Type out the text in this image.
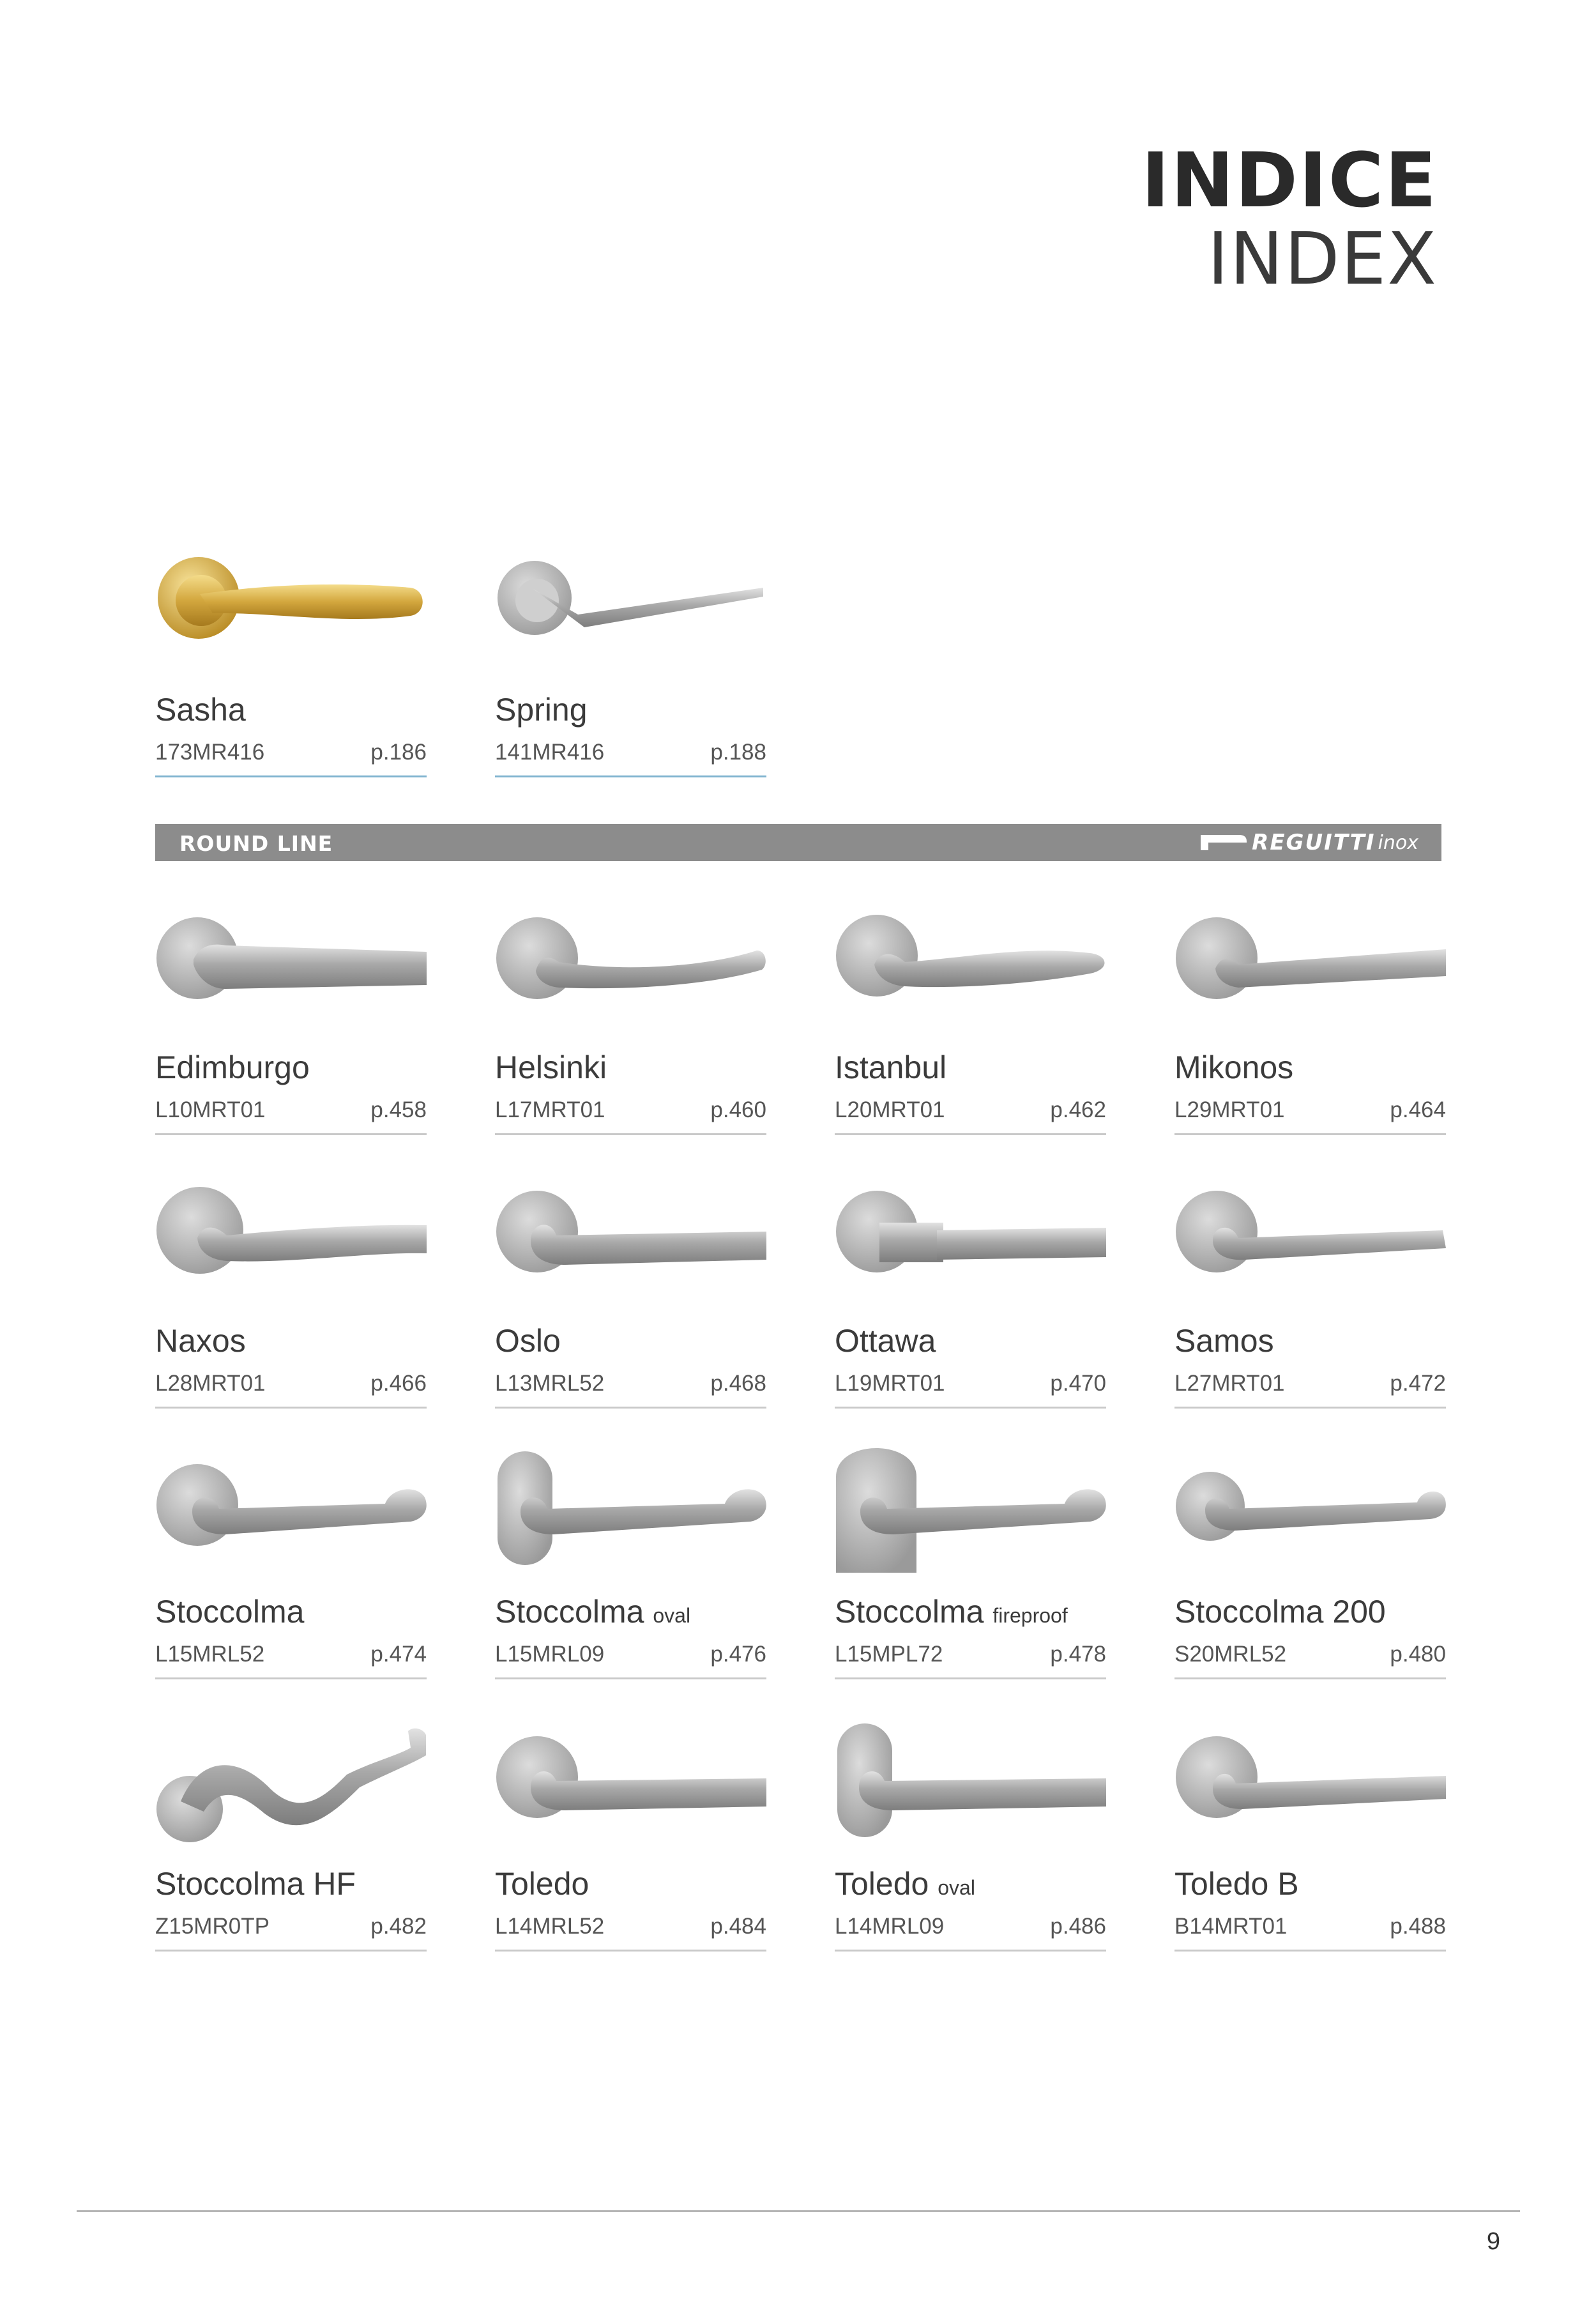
INDICE
INDEX
Sasha
173MR416	p.186
Spring
141MR416	p.188
ROUND LINE	REGUITTI inox
Edimburgo
L10MRT01	p.458
Helsinki
L17MRT01	p.460
Istanbul
L20MRT01	p.462
Mikonos
L29MRT01	p.464
Naxos
L28MRT01	p.466
Oslo
L13MRL52	p.468
Ottawa
L19MRT01	p.470
Samos
L27MRT01	p.472
Stoccolma
L15MRL52	p.474
Stoccolma oval
L15MRL09	p.476
Stoccolma fireproof
L15MPL72	p.478
Stoccolma 200
S20MRL52	p.480
Stoccolma HF
Z15MR0TP	p.482
Toledo
L14MRL52	p.484
Toledo oval
L14MRL09	p.486
Toledo B
B14MRT01	p.488
9
